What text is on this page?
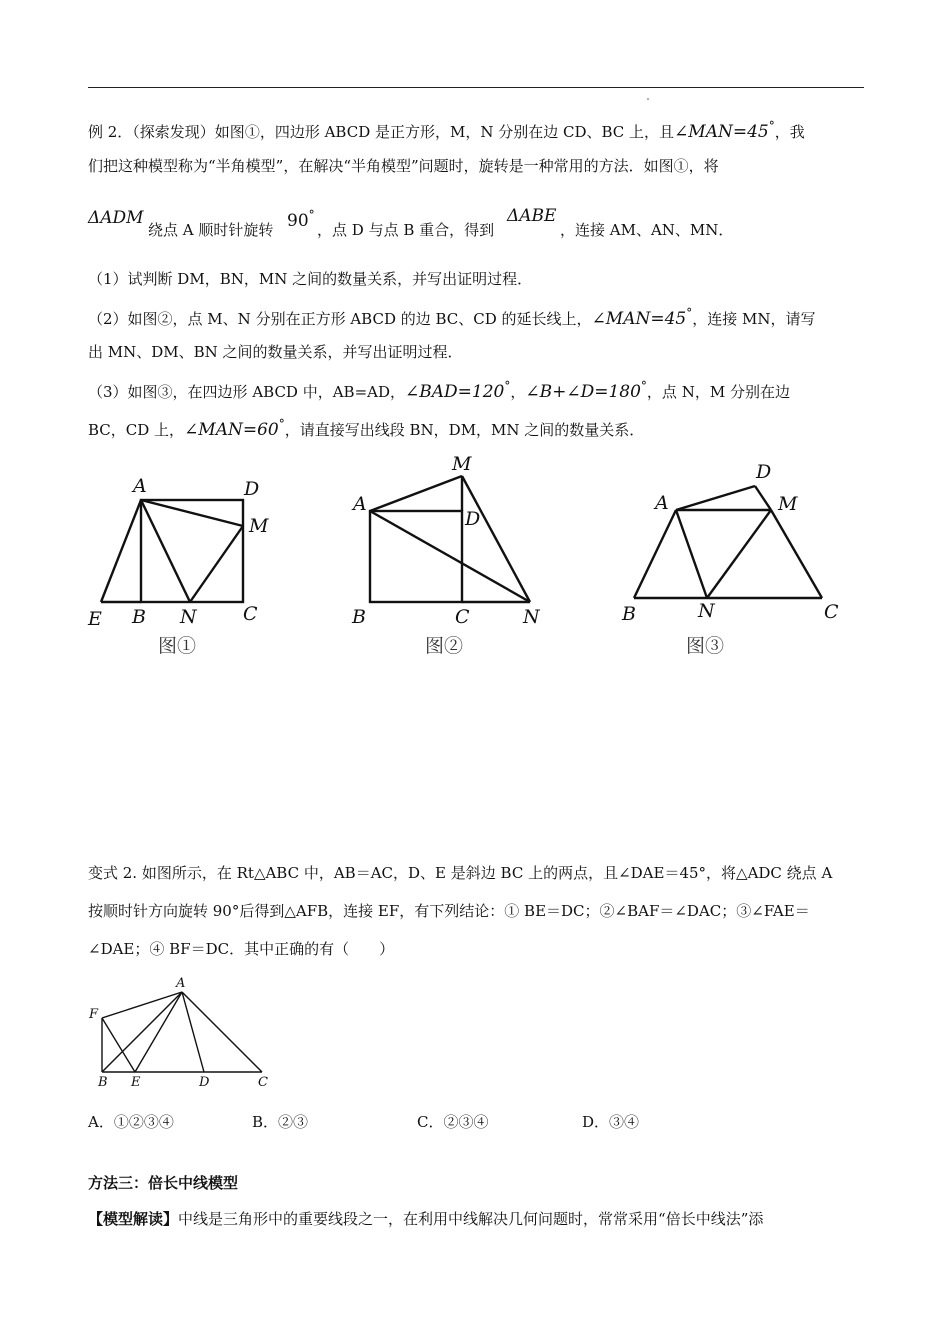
例 2．（探索发现）如图①，四边形 ABCD 是正方形，M，N 分别在边 CD、BC 上，且∠MAN=45°，我
们把这种模型称为“半角模型”，在解决“半角模型”问题时，旋转是一种常用的方法．如图①，将
ΔADM
绕点 A 顺时针旋转 90°
，点 D 与点 B 重合，得到
ΔABE
，连接 AM、AN、MN．
（1）试判断 DM，BN，MN 之间的数量关系，并写出证明过程．
（2）如图②，点 M、N 分别在正方形 ABCD 的边 BC、CD 的延长线上，∠MAN=45°，连接 MN，请写
出 MN、DM、BN 之间的数量关系，并写出证明过程．
（3）如图③，在四边形 ABCD 中，AB=AD，∠BAD=120°，∠B+∠D=180°，点 N，M 分别在边
BC，CD 上，∠MAN=60°，请直接写出线段 BN，DM，MN 之间的数量关系．
A	D
M
E B N C
图①
M
A
D
B	C	N
图②
D
A	M
B	N	C
图③
变式 2. 如图所示，在 Rt△ABC 中，AB＝AC，D、E 是斜边 BC 上的两点，且∠DAE＝45°，将△ADC 绕点 A
按顺时针方向旋转 90°后得到△AFB，连接 EF，有下列结论：① BE＝DC；②∠BAF＝∠DAC；③∠FAE＝
∠DAE；④ BF＝DC．其中正确的有（　　）
A
F
B E	D	C
A．①②③④	B．②③	C．②③④	D．③④
方法三：倍长中线模型
【模型解读】中线是三角形中的重要线段之一，在利用中线解决几何问题时，常常采用“倍长中线法”添
